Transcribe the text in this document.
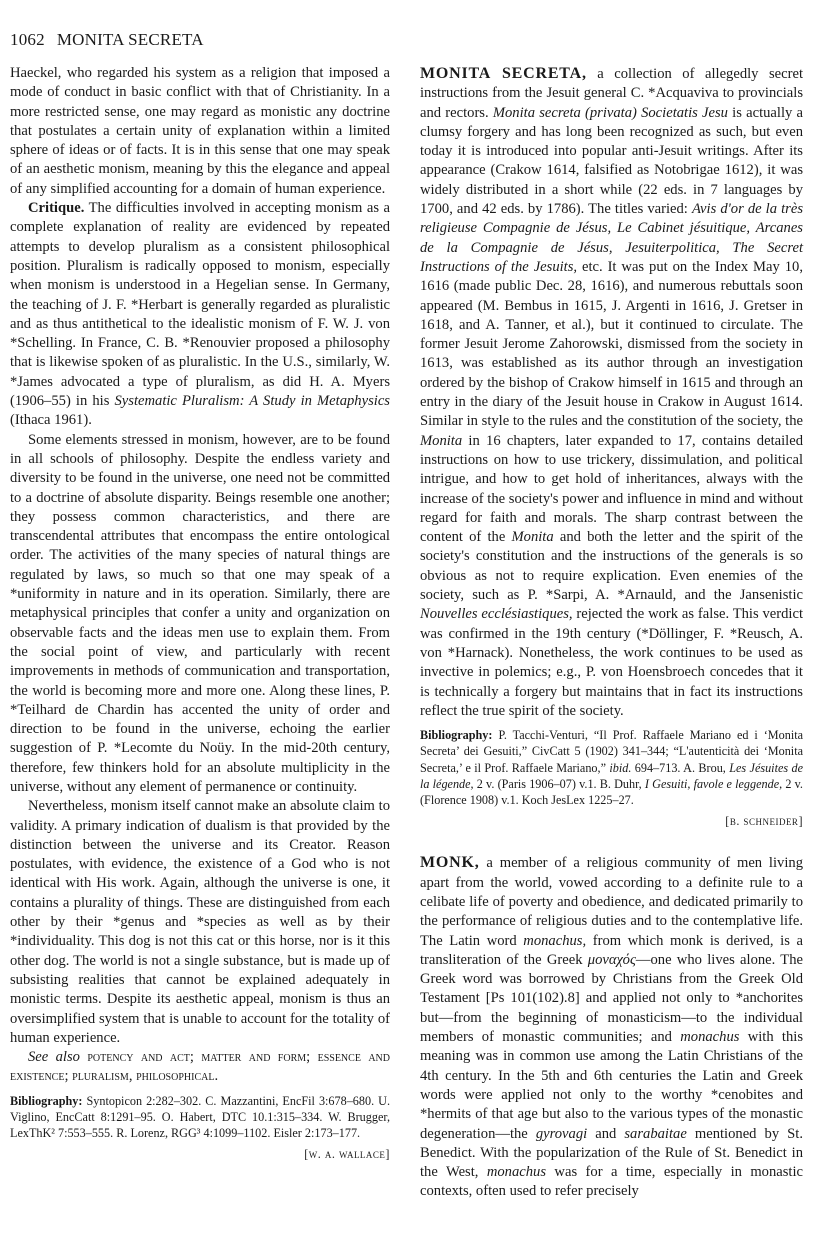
1062 MONITA SECRETA

Haeckel, who regarded his system as a religion that imposed a mode of conduct in basic conflict with that of Christianity. In a more restricted sense, one may regard as monistic any doctrine that postulates a certain unity of explanation within a limited sphere of ideas or of facts. It is in this sense that one may speak of an aesthetic monism, meaning by this the elegance and appeal of any simplified accounting for a domain of human experience.

Critique. The difficulties involved in accepting monism as a complete explanation of reality are evidenced by repeated attempts to develop pluralism as a consistent philosophical position. Pluralism is radically opposed to monism, especially when monism is understood in a Hegelian sense. In Germany, the teaching of J. F. *Herbart is generally regarded as pluralistic and as thus antithetical to the idealistic monism of F. W. J. von *Schelling. In France, C. B. *Renouvier proposed a philosophy that is likewise spoken of as pluralistic. In the U.S., similarly, W. *James advocated a type of pluralism, as did H. A. Myers (1906–55) in his Systematic Pluralism: A Study in Metaphysics (Ithaca 1961).

Some elements stressed in monism, however, are to be found in all schools of philosophy. Despite the endless variety and diversity to be found in the universe, one need not be committed to a doctrine of absolute disparity. Beings resemble one another; they possess common characteristics, and there are transcendental attributes that encompass the entire ontological order. The activities of the many species of natural things are regulated by laws, so much so that one may speak of a *uniformity in nature and in its operation. Similarly, there are metaphysical principles that confer a unity and organization on observable facts and the ideas men use to explain them. From the social point of view, and particularly with recent improvements in methods of communication and transportation, the world is becoming more and more one. Along these lines, P. *Teilhard de Chardin has accented the unity of order and direction to be found in the universe, echoing the earlier suggestion of P. *Lecomte du Noüy. In the mid-20th century, therefore, few thinkers hold for an absolute multiplicity in the universe, without any element of permanence or continuity.

Nevertheless, monism itself cannot make an absolute claim to validity. A primary indication of dualism is that provided by the distinction between the universe and its Creator. Reason postulates, with evidence, the existence of a God who is not identical with His work. Again, although the universe is one, it contains a plurality of things. These are distinguished from each other by their *genus and *species as well as by their *individuality. This dog is not this cat or this horse, nor is it this other dog. The world is not a single substance, but is made up of subsisting realities that cannot be explained adequately in monistic terms. Despite its aesthetic appeal, monism is thus an oversimplified system that is unable to account for the totality of human experience.

See also potency and act; matter and form; essence and existence; pluralism, philosophical.

Bibliography: Syntopicon 2:282–302. C. Mazzantini, EncFil 3:678–680. U. Viglino, EncCatt 8:1291–95. O. Habert, DTC 10.1:315–334. W. Brugger, LexThK² 7:553–555. R. Lorenz, RGG³ 4:1099–1102. Eisler 2:173–177.

[w. a. wallace]

MONITA SECRETA, a collection of allegedly secret instructions from the Jesuit general C. *Acquaviva to provincials and rectors. Monita secreta (privata) Societatis Jesu is actually a clumsy forgery and has long been recognized as such, but even today it is introduced into popular anti-Jesuit writings. After its appearance (Crakow 1614, falsified as Notobrigae 1612), it was widely distributed in a short while (22 eds. in 7 languages by 1700, and 42 eds. by 1786). The titles varied: Avis d'or de la très religieuse Compagnie de Jésus, Le Cabinet jésuitique, Arcanes de la Compagnie de Jésus, Jesuiterpolitica, The Secret Instructions of the Jesuits, etc. It was put on the Index May 10, 1616 (made public Dec. 28, 1616), and numerous rebuttals soon appeared (M. Bembus in 1615, J. Argenti in 1616, J. Gretser in 1618, and A. Tanner, et al.), but it continued to circulate. The former Jesuit Jerome Zahorowski, dismissed from the society in 1613, was established as its author through an investigation ordered by the bishop of Crakow himself in 1615 and through an entry in the diary of the Jesuit house in Crakow in August 1614. Similar in style to the rules and the constitution of the society, the Monita in 16 chapters, later expanded to 17, contains detailed instructions on how to use trickery, dissimulation, and political intrigue, and how to get hold of inheritances, always with the increase of the society's power and influence in mind and without regard for faith and morals. The sharp contrast between the content of the Monita and both the letter and the spirit of the society's constitution and the instructions of the generals is so obvious as not to require explication. Even enemies of the society, such as P. *Sarpi, A. *Arnauld, and the Jansenistic Nouvelles ecclésiastiques, rejected the work as false. This verdict was confirmed in the 19th century (*Döllinger, F. *Reusch, A. von *Harnack). Nonetheless, the work continues to be used as invective in polemics; e.g., P. von Hoensbroech concedes that it is technically a forgery but maintains that in fact its instructions reflect the true spirit of the society.

Bibliography: P. Tacchi-Venturi, “Il Prof. Raffaele Mariano ed i ‘Monita Secreta’ dei Gesuiti,” CivCatt 5 (1902) 341–344; “L'autenticità dei ‘Monita Secreta,’ e il Prof. Raffaele Mariano,” ibid. 694–713. A. Brou, Les Jésuites de la légende, 2 v. (Paris 1906–07) v.1. B. Duhr, I Gesuiti, favole e leggende, 2 v. (Florence 1908) v.1. Koch JesLex 1225–27.

[b. schneider]

MONK, a member of a religious community of men living apart from the world, vowed according to a definite rule to a celibate life of poverty and obedience, and dedicated primarily to the performance of religious duties and to the contemplative life. The Latin word monachus, from which monk is derived, is a transliteration of the Greek μοναχός—one who lives alone. The Greek word was borrowed by Christians from the Greek Old Testament [Ps 101(102).8] and applied not only to *anchorites but—from the beginning of monasticism—to the individual members of monastic communities; and monachus with this meaning was in common use among the Latin Christians of the 4th century. In the 5th and 6th centuries the Latin and Greek words were applied not only to the worthy *cenobites and *hermits of that age but also to the various types of the monastic degeneration—the gyrovagi and sarabaitae mentioned by St. Benedict. With the popularization of the Rule of St. Benedict in the West, monachus was for a time, especially in monastic contexts, often used to refer precisely
